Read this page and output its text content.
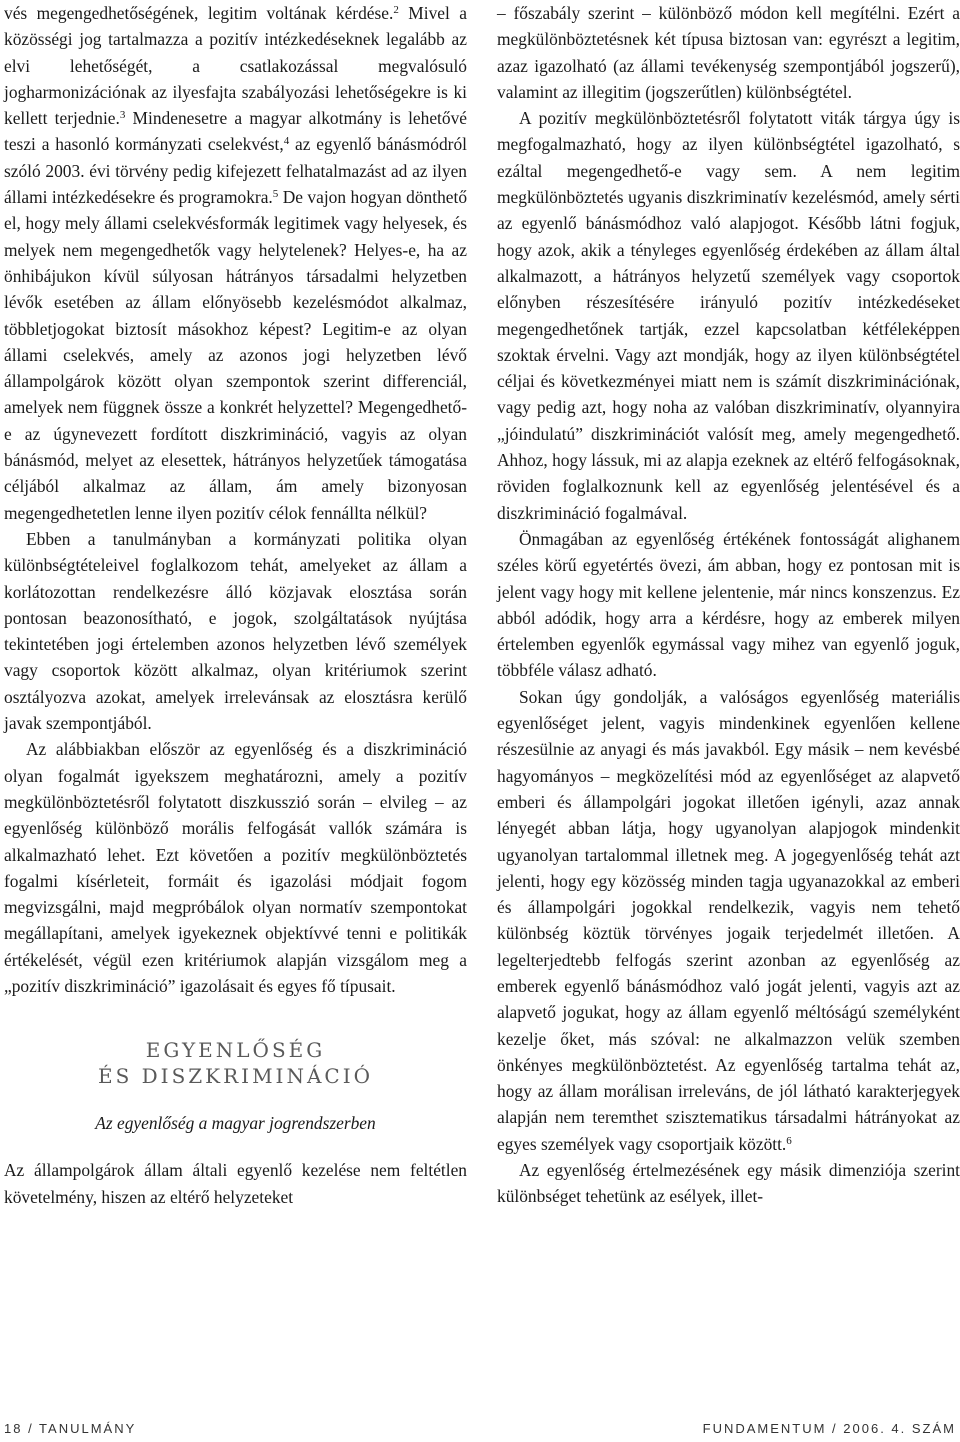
vés megengedhetőségének, legitim voltának kérdése.$^2$ Mivel a közösségi jog tartalmazza a pozitív intézkedéseknek legalább az elvi lehetőségét, a csatlakozással megvalósuló jogharmonizációnak az ilyesfajta szabályozási lehetőségekre is ki kellett terjednie.$^3$ Mindenesetre a magyar alkotmány is lehetővé teszi a hasonló kormányzati cselekvést,$^4$ az egyenlő bánásmódról szóló 2003. évi törvény pedig kifejezett felhatalmazást ad az ilyen állami intézkedésekre és programokra.$^5$ De vajon hogyan dönthető el, hogy mely állami cselekvésformák legitimek vagy helyesek, és melyek nem megengedhetők vagy helytelenek? Helyes-e, ha az önhibájukon kívül súlyosan hátrányos társadalmi helyzetben lévők esetében az állam előnyösebb kezelésmódot alkalmaz, többletjogokat biztosít másokhoz képest? Legitim-e az olyan állami cselekvés, amely az azonos jogi helyzetben lévő állampolgárok között olyan szempontok szerint differenciál, amelyek nem függnek össze a konkrét helyzettel? Megengedhető-e az úgynevezett fordított diszkrimináció, vagyis az olyan bánásmód, melyet az elesettek, hátrányos helyzetűek támogatása céljából alkalmaz az állam, ám amely bizonyosan megengedhetetlen lenne ilyen pozitív célok fennállta nélkül?

Ebben a tanulmányban a kormányzati politika olyan különbségtételeivel foglalkozom tehát, amelyeket az állam a korlátozottan rendelkezésre álló közjavak elosztása során pontosan beazonosítható, e jogok, szolgáltatások nyújtása tekintetében jogi értelemben azonos helyzetben lévő személyek vagy csoportok között alkalmaz, olyan kritériumok szerint osztályozva azokat, amelyek irrelevánsak az elosztásra kerülő javak szempontjából.

Az alábbiakban először az egyenlőség és a diszkrimináció olyan fogalmát igyekszem meghatározni, amely a pozitív megkülönböztetésről folytatott diszkusszió során – elvileg – az egyenlőség különböző morális felfogását vallók számára is alkalmazható lehet. Ezt követően a pozitív megkülönböztetés fogalmi kísérleteit, formáit és igazolási módjait fogom megvizsgálni, majd megpróbálok olyan normatív szempontokat megállapítani, amelyek igyekeznek objektívvé tenni e politikák értékelését, végül ezen kritériumok alapján vizsgálom meg a „pozitív diszkrimináció” igazolásait és egyes fő típusait.

EGYENLŐSÉG
ÉS DISZKRIMINÁCIÓ
Az egyenlőség a magyar jogrendszerben

Az állampolgárok állam általi egyenlő kezelése nem feltétlen követelmény, hiszen az eltérő helyzeteket

– főszabály szerint – különböző módon kell megítélni. Ezért a megkülönböztetésnek két típusa biztosan van: egyrészt a legitim, azaz igazolható (az állami tevékenység szempontjából jogszerű), valamint az illegitim (jogszerűtlen) különbségtétel.

A pozitív megkülönböztetésről folytatott viták tárgya úgy is megfogalmazható, hogy az ilyen különbségtétel igazolható, s ezáltal megengedhető-e vagy sem. A nem legitim megkülönböztetés ugyanis diszkriminatív kezelésmód, amely sérti az egyenlő bánásmódhoz való alapjogot. Később látni fogjuk, hogy azok, akik a tényleges egyenlőség érdekében az állam által alkalmazott, a hátrányos helyzetű személyek vagy csoportok előnyben részesítésére irányuló pozitív intézkedéseket megengedhetőnek tartják, ezzel kapcsolatban kétféleképpen szoktak érvelni. Vagy azt mondják, hogy az ilyen különbségtétel céljai és következményei miatt nem is számít diszkriminációnak, vagy pedig azt, hogy noha az valóban diszkriminatív, olyannyira „jóindulatú” diszkriminációt valósít meg, amely megengedhető. Ahhoz, hogy lássuk, mi az alapja ezeknek az eltérő felfogásoknak, röviden foglalkoznunk kell az egyenlőség jelentésével és a diszkrimináció fogalmával.

Önmagában az egyenlőség értékének fontosságát alighanem széles körű egyetértés övezi, ám abban, hogy ez pontosan mit is jelent vagy hogy mit kellene jelentenie, már nincs konszenzus. Ez abból adódik, hogy arra a kérdésre, hogy az emberek milyen értelemben egyenlők egymással vagy mihez van egyenlő joguk, többféle válasz adható.

Sokan úgy gondolják, a valóságos egyenlőség materiális egyenlőséget jelent, vagyis mindenkinek egyenlően kellene részesülnie az anyagi és más javakból. Egy másik – nem kevésbé hagyományos – megközelítési mód az egyenlőséget az alapvető emberi és állampolgári jogokat illetően igényli, azaz annak lényegét abban látja, hogy ugyanolyan alapjogok mindenkit ugyanolyan tartalommal illetnek meg. A jogegyenlőség tehát azt jelenti, hogy egy közösség minden tagja ugyanazokkal az emberi és állampolgári jogokkal rendelkezik, vagyis nem tehető különbség köztük törvényes jogaik terjedelmét illetően. A legelterjedtebb felfogás szerint azonban az egyenlőség az emberek egyenlő bánásmódhoz való jogát jelenti, vagyis azt az alapvető jogukat, hogy az állam egyenlő méltóságú személyként kezelje őket, más szóval: ne alkalmazzon velük szemben önkényes megkülönböztetést. Az egyenlőség tartalma tehát az, hogy az állam morálisan irreleváns, de jól látható karakterjegyek alapján nem teremthet szisztematikus társadalmi hátrányokat az egyes személyek vagy csoportjaik között.$^6$

Az egyenlőség értelmezésének egy másik dimenziója szerint különbséget tehetünk az esélyek, illet-

18 / TANULMÁNY	FUNDAMENTUM / 2006. 4. SZÁM
